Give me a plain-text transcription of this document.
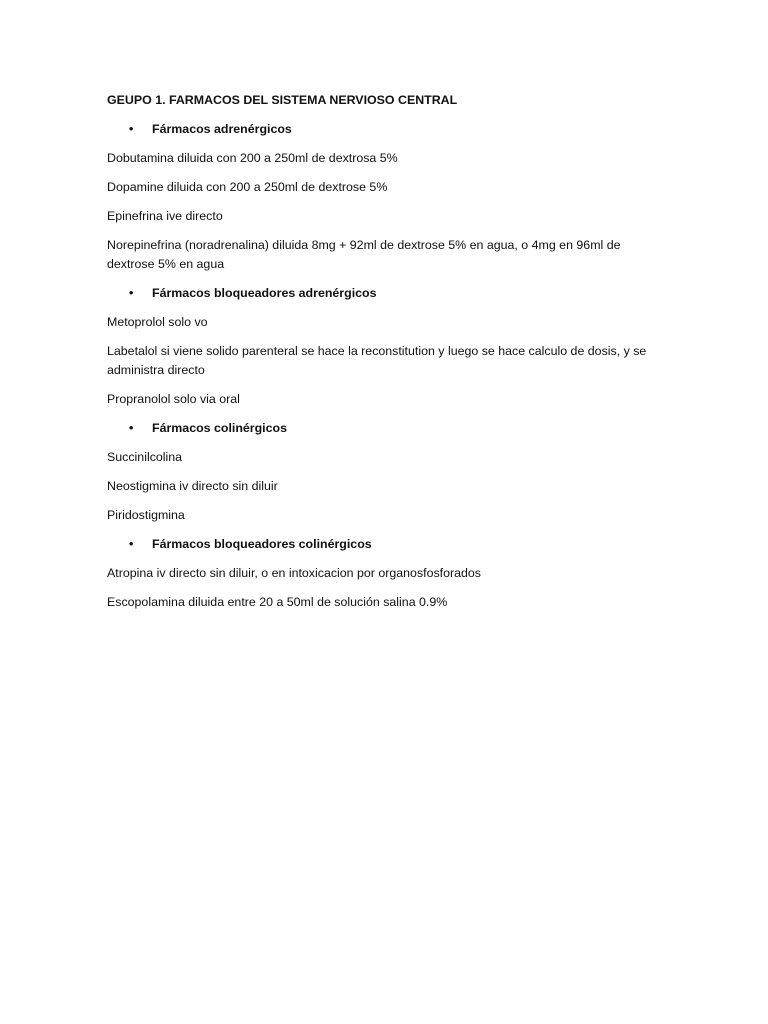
GEUPO 1. FARMACOS DEL SISTEMA NERVIOSO CENTRAL
• Fármacos adrenérgicos
Dobutamina diluida con 200 a 250ml de dextrosa 5%
Dopamine diluida con 200 a 250ml de dextrose 5%
Epinefrina ive directo
Norepinefrina (noradrenalina) diluida 8mg + 92ml de dextrose 5% en agua, o 4mg en 96ml de dextrose 5% en agua
• Fármacos bloqueadores adrenérgicos
Metoprolol solo vo
Labetalol si viene solido parenteral se hace la reconstitution y luego se hace calculo de dosis, y se administra directo
Propranolol solo via oral
• Fármacos colinérgicos
Succinilcolina
Neostigmina iv directo sin diluir
Piridostigmina
• Fármacos bloqueadores colinérgicos
Atropina iv directo sin diluir, o en intoxicacion por organosfosforados
Escopolamina diluida entre 20 a 50ml de solución salina 0.9%
